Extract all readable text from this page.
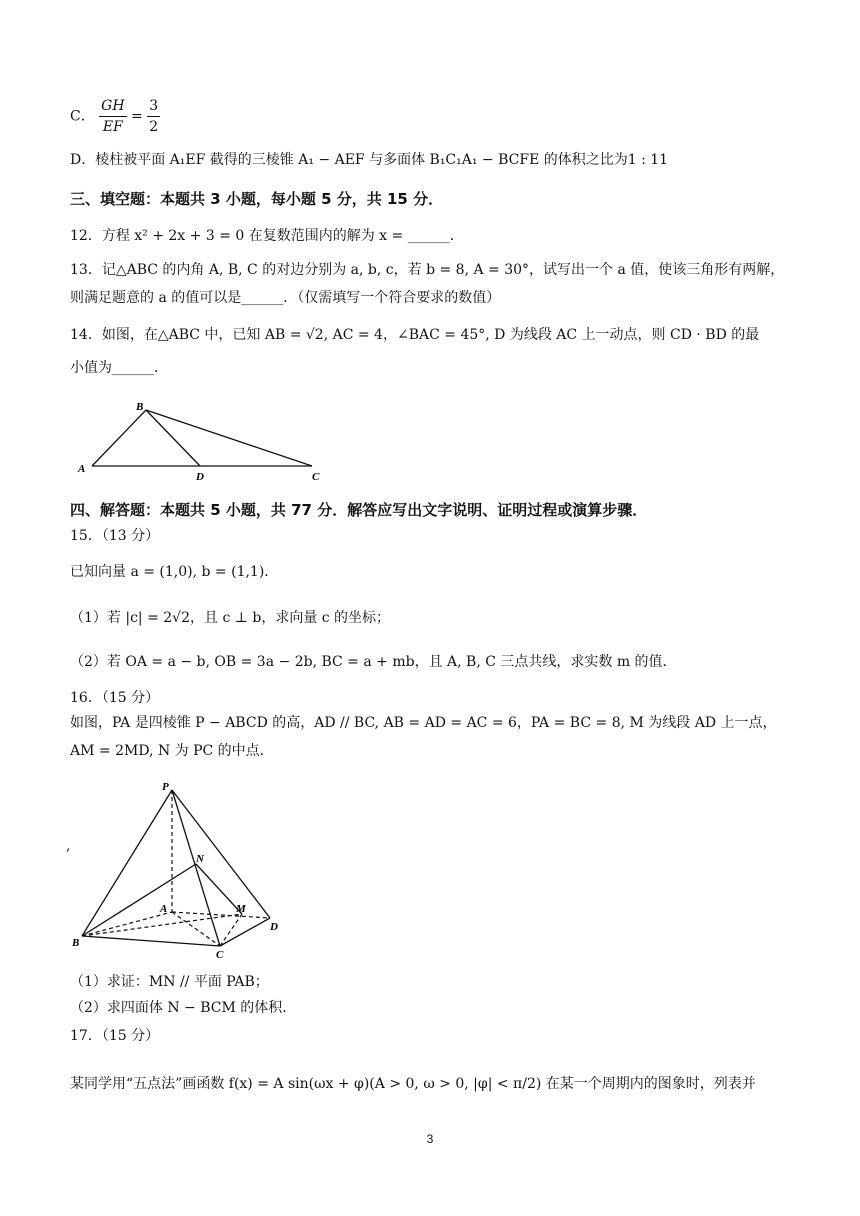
C． $\frac{GH}{EF} = \frac{3}{2}$
D．棱柱被平面 A₁EF 截得的三棱锥 A₁ − AEF 与多面体 B₁C₁A₁ − BCFE 的体积之比为1 : 11
三、填空题：本题共 3 小题，每小题 5 分，共 15 分．
12．方程 x² + 2x + 3 = 0 在复数范围内的解为 x = ______．
13．记△ABC 的内角 A, B, C 的对边分别为 a, b, c，若 b = 8, A = 30°，试写出一个 a 值，使该三角形有两解，
则满足题意的 a 的值可以是______．（仅需填写一个符合要求的数值）
14．如图，在△ABC 中，已知 AB = √2, AC = 4，∠BAC = 45°, D 为线段 AC 上一动点，则 CD · BD 的最
小值为______．
B
A
D	C
四、解答题：本题共 5 小题，共 77 分．解答应写出文字说明、证明过程或演算步骤．
15．（13 分）
已知向量 a = (1,0), b = (1,1)．
（1）若 |c| = 2√2，且 c ⊥ b，求向量 c 的坐标；
（2）若 OA = a − b, OB = 3a − 2b, BC = a + mb，且 A, B, C 三点共线，求实数 m 的值．
16．（15 分）
如图，PA 是四棱锥 P − ABCD 的高，AD // BC, AB = AD = AC = 6，PA = BC = 8, M 为线段 AD 上一点，
AM = 2MD, N 为 PC 的中点．
,
P
A
N
M
D
B
C
（1）求证：MN // 平面 PAB；
（2）求四面体 N − BCM 的体积．
17．（15 分）
某同学用“五点法”画函数 f(x) = A sin(ωx + φ)(A > 0, ω > 0, |φ| < π/2) 在某一个周期内的图象时，列表并
3
